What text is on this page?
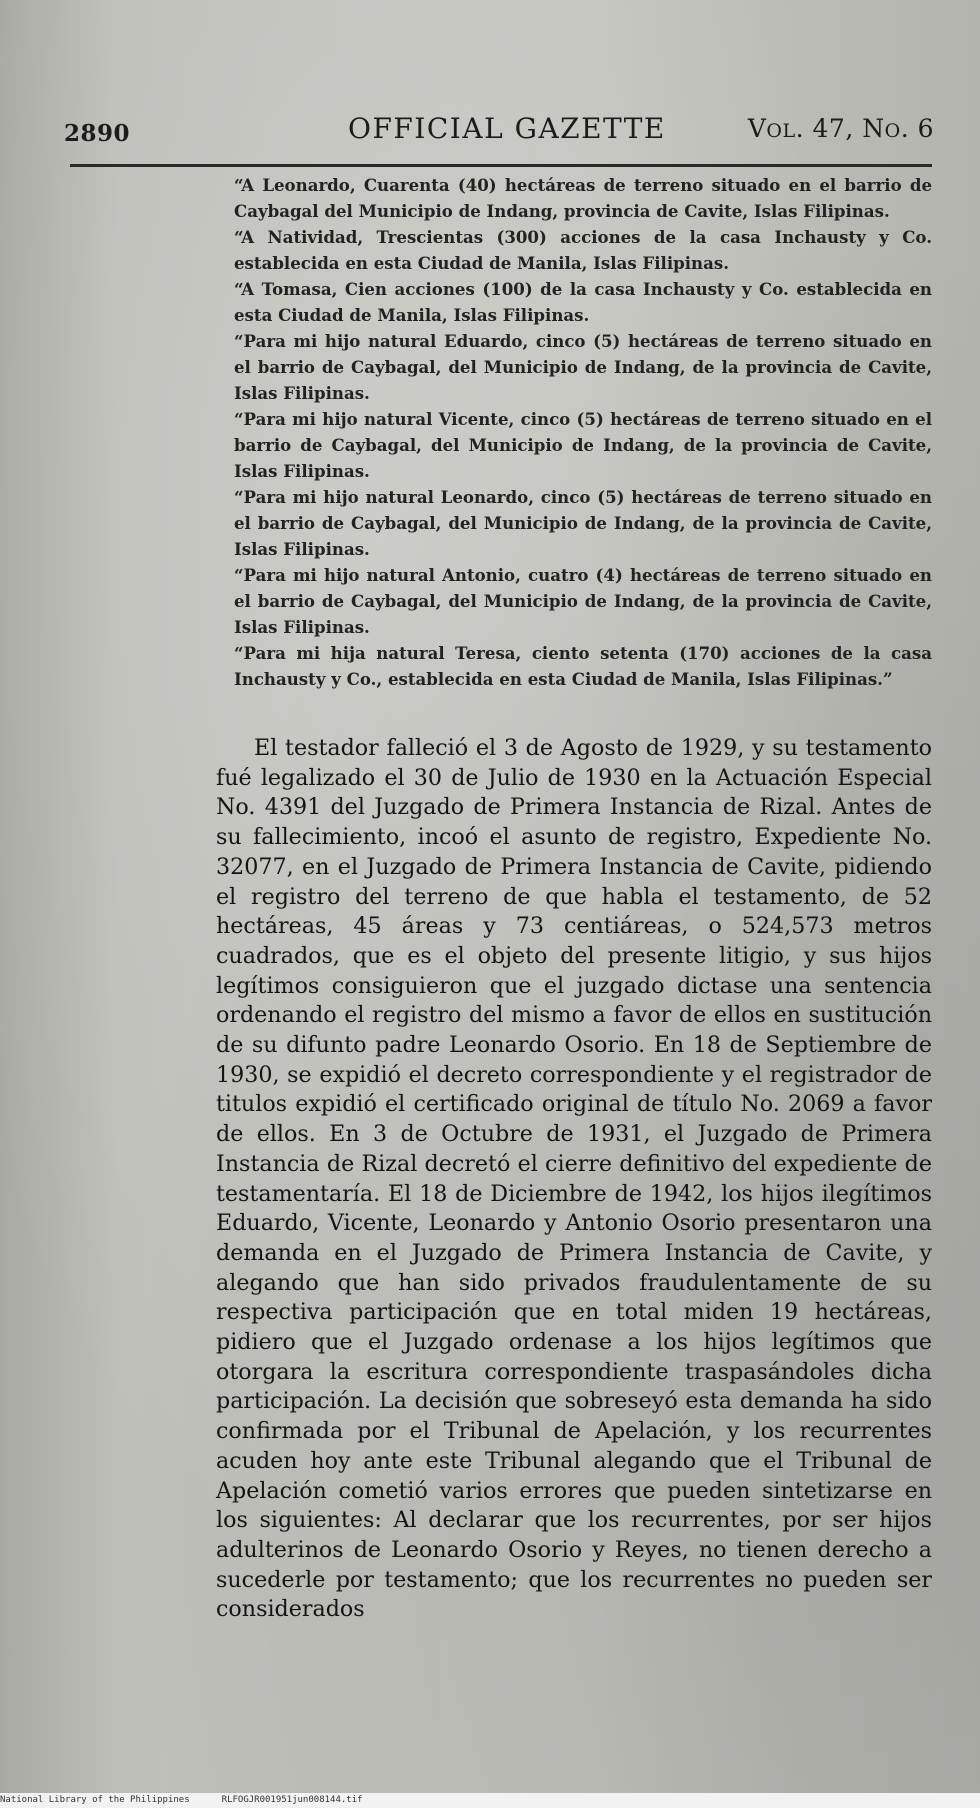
2890	OFFICIAL GAZETTE	VOL. 47, NO. 6

“A Leonardo, Cuarenta (40) hectáreas de terreno situado en el barrio de Caybagal del Municipio de Indang, provincia de Cavite, Islas Filipinas.

“A Natividad, Trescientas (300) acciones de la casa Inchausty y Co. establecida en esta Ciudad de Manila, Islas Filipinas.

“A Tomasa, Cien acciones (100) de la casa Inchausty y Co. establecida en esta Ciudad de Manila, Islas Filipinas.

“Para mi hijo natural Eduardo, cinco (5) hectáreas de terreno situado en el barrio de Caybagal, del Municipio de Indang, de la provincia de Cavite, Islas Filipinas.

“Para mi hijo natural Vicente, cinco (5) hectáreas de terreno situado en el barrio de Caybagal, del Municipio de Indang, de la provincia de Cavite, Islas Filipinas.

“Para mi hijo natural Leonardo, cinco (5) hectáreas de terreno situado en el barrio de Caybagal, del Municipio de Indang, de la provincia de Cavite, Islas Filipinas.

“Para mi hijo natural Antonio, cuatro (4) hectáreas de terreno situado en el barrio de Caybagal, del Municipio de Indang, de la provincia de Cavite, Islas Filipinas.

“Para mi hija natural Teresa, ciento setenta (170) acciones de la casa Inchausty y Co., establecida en esta Ciudad de Manila, Islas Filipinas.”

El testador falleció el 3 de Agosto de 1929, y su testamento fué legalizado el 30 de Julio de 1930 en la Actuación Especial No. 4391 del Juzgado de Primera Instancia de Rizal. Antes de su fallecimiento, incoó el asunto de registro, Expediente No. 32077, en el Juzgado de Primera Instancia de Cavite, pidiendo el registro del terreno de que habla el testamento, de 52 hectáreas, 45 áreas y 73 centiáreas, o 524,573 metros cuadrados, que es el objeto del presente litigio, y sus hijos legítimos consiguieron que el juzgado dictase una sentencia ordenando el registro del mismo a favor de ellos en sustitución de su difunto padre Leonardo Osorio. En 18 de Septiembre de 1930, se expidió el decreto correspondiente y el registrador de titulos expidió el certificado original de título No. 2069 a favor de ellos. En 3 de Octubre de 1931, el Juzgado de Primera Instancia de Rizal decretó el cierre definitivo del expediente de testamentaría. El 18 de Diciembre de 1942, los hijos ilegítimos Eduardo, Vicente, Leonardo y Antonio Osorio presentaron una demanda en el Juzgado de Primera Instancia de Cavite, y alegando que han sido privados fraudulentamente de su respectiva participación que en total miden 19 hectáreas, pidiero que el Juzgado ordenase a los hijos legítimos que otorgara la escritura correspondiente traspasándoles dicha participación. La decisión que sobreseyó esta demanda ha sido confirmada por el Tribunal de Apelación, y los recurrentes acuden hoy ante este Tribunal alegando que el Tribunal de Apelación cometió varios errores que pueden sintetizarse en los siguientes: Al declarar que los recurrentes, por ser hijos adulterinos de Leonardo Osorio y Reyes, no tienen derecho a sucederle por testamento; que los recurrentes no pueden ser considerados

National Library of the Philippines	RLFOGJR001951jun008144.tif
